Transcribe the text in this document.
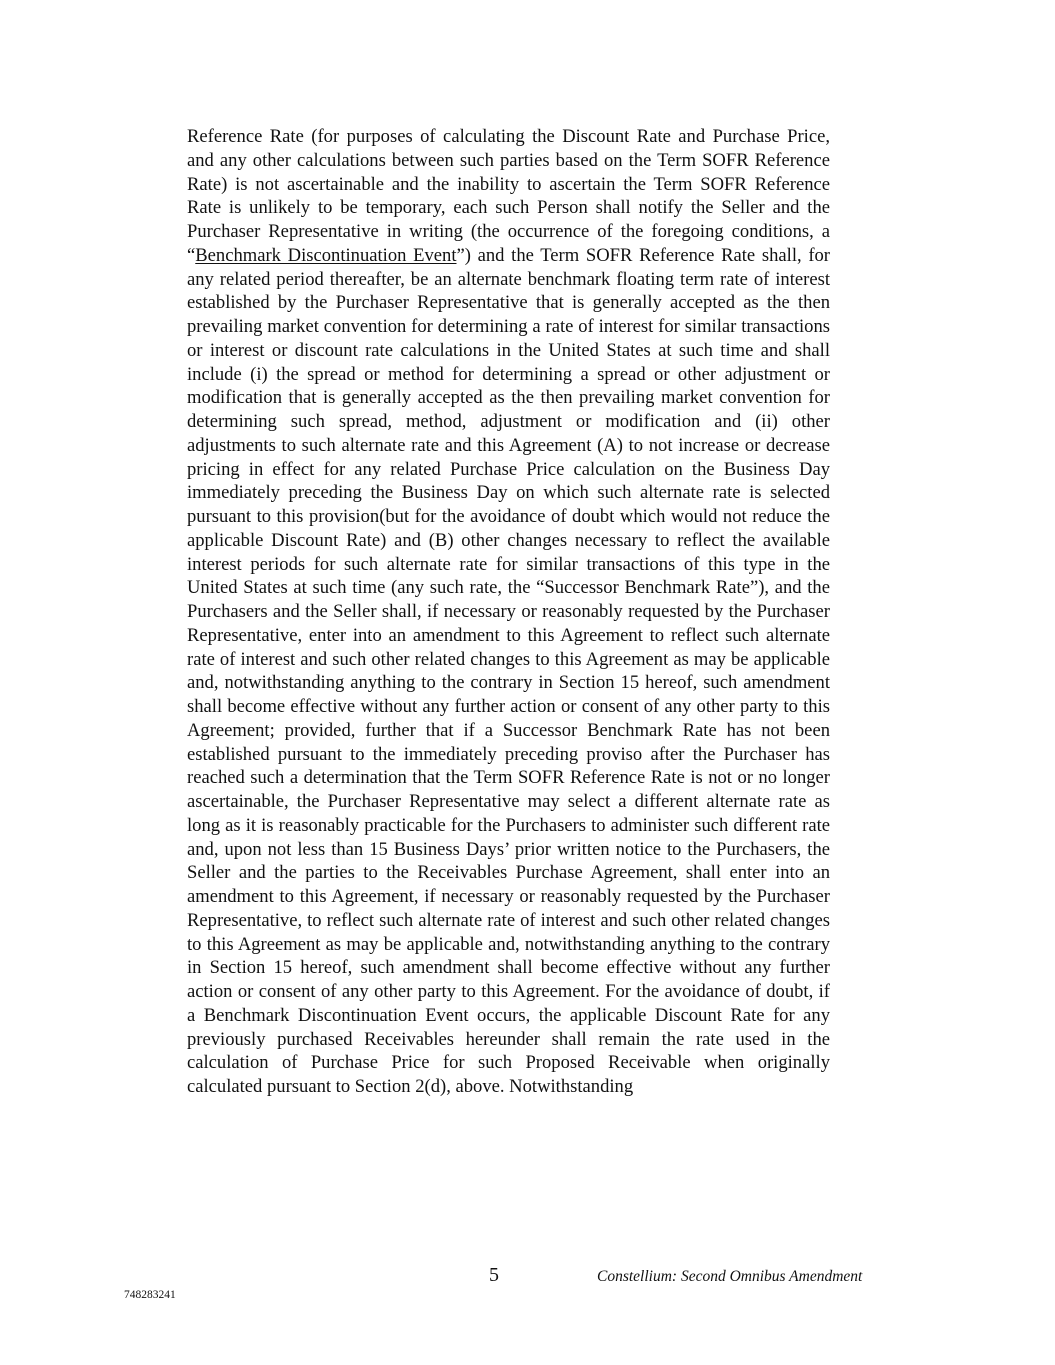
Reference Rate (for purposes of calculating the Discount Rate and Purchase Price, and any other calculations between such parties based on the Term SOFR Reference Rate) is not ascertainable and the inability to ascertain the Term SOFR Reference Rate is unlikely to be temporary, each such Person shall notify the Seller and the Purchaser Representative in writing (the occurrence of the foregoing conditions, a “Benchmark Discontinuation Event”) and the Term SOFR Reference Rate shall, for any related period thereafter, be an alternate benchmark floating term rate of interest established by the Purchaser Representative that is generally accepted as the then prevailing market convention for determining a rate of interest for similar transactions or interest or discount rate calculations in the United States at such time and shall include (i) the spread or method for determining a spread or other adjustment or modification that is generally accepted as the then prevailing market convention for determining such spread, method, adjustment or modification and (ii) other adjustments to such alternate rate and this Agreement (A) to not increase or decrease pricing in effect for any related Purchase Price calculation on the Business Day immediately preceding the Business Day on which such alternate rate is selected pursuant to this provision(but for the avoidance of doubt which would not reduce the applicable Discount Rate) and (B) other changes necessary to reflect the available interest periods for such alternate rate for similar transactions of this type in the United States at such time (any such rate, the “Successor Benchmark Rate”), and the Purchasers and the Seller shall, if necessary or reasonably requested by the Purchaser Representative, enter into an amendment to this Agreement to reflect such alternate rate of interest and such other related changes to this Agreement as may be applicable and, notwithstanding anything to the contrary in Section 15 hereof, such amendment shall become effective without any further action or consent of any other party to this Agreement; provided, further that if a Successor Benchmark Rate has not been established pursuant to the immediately preceding proviso after the Purchaser has reached such a determination that the Term SOFR Reference Rate is not or no longer ascertainable, the Purchaser Representative may select a different alternate rate as long as it is reasonably practicable for the Purchasers to administer such different rate and, upon not less than 15 Business Days’ prior written notice to the Purchasers, the Seller and the parties to the Receivables Purchase Agreement, shall enter into an amendment to this Agreement, if necessary or reasonably requested by the Purchaser Representative, to reflect such alternate rate of interest and such other related changes to this Agreement as may be applicable and, notwithstanding anything to the contrary in Section 15 hereof, such amendment shall become effective without any further action or consent of any other party to this Agreement. For the avoidance of doubt, if a Benchmark Discontinuation Event occurs, the applicable Discount Rate for any previously purchased Receivables hereunder shall remain the rate used in the calculation of Purchase Price for such Proposed Receivable when originally calculated pursuant to Section 2(d), above. Notwithstanding

5	Constellium: Second Omnibus Amendment
748283241
